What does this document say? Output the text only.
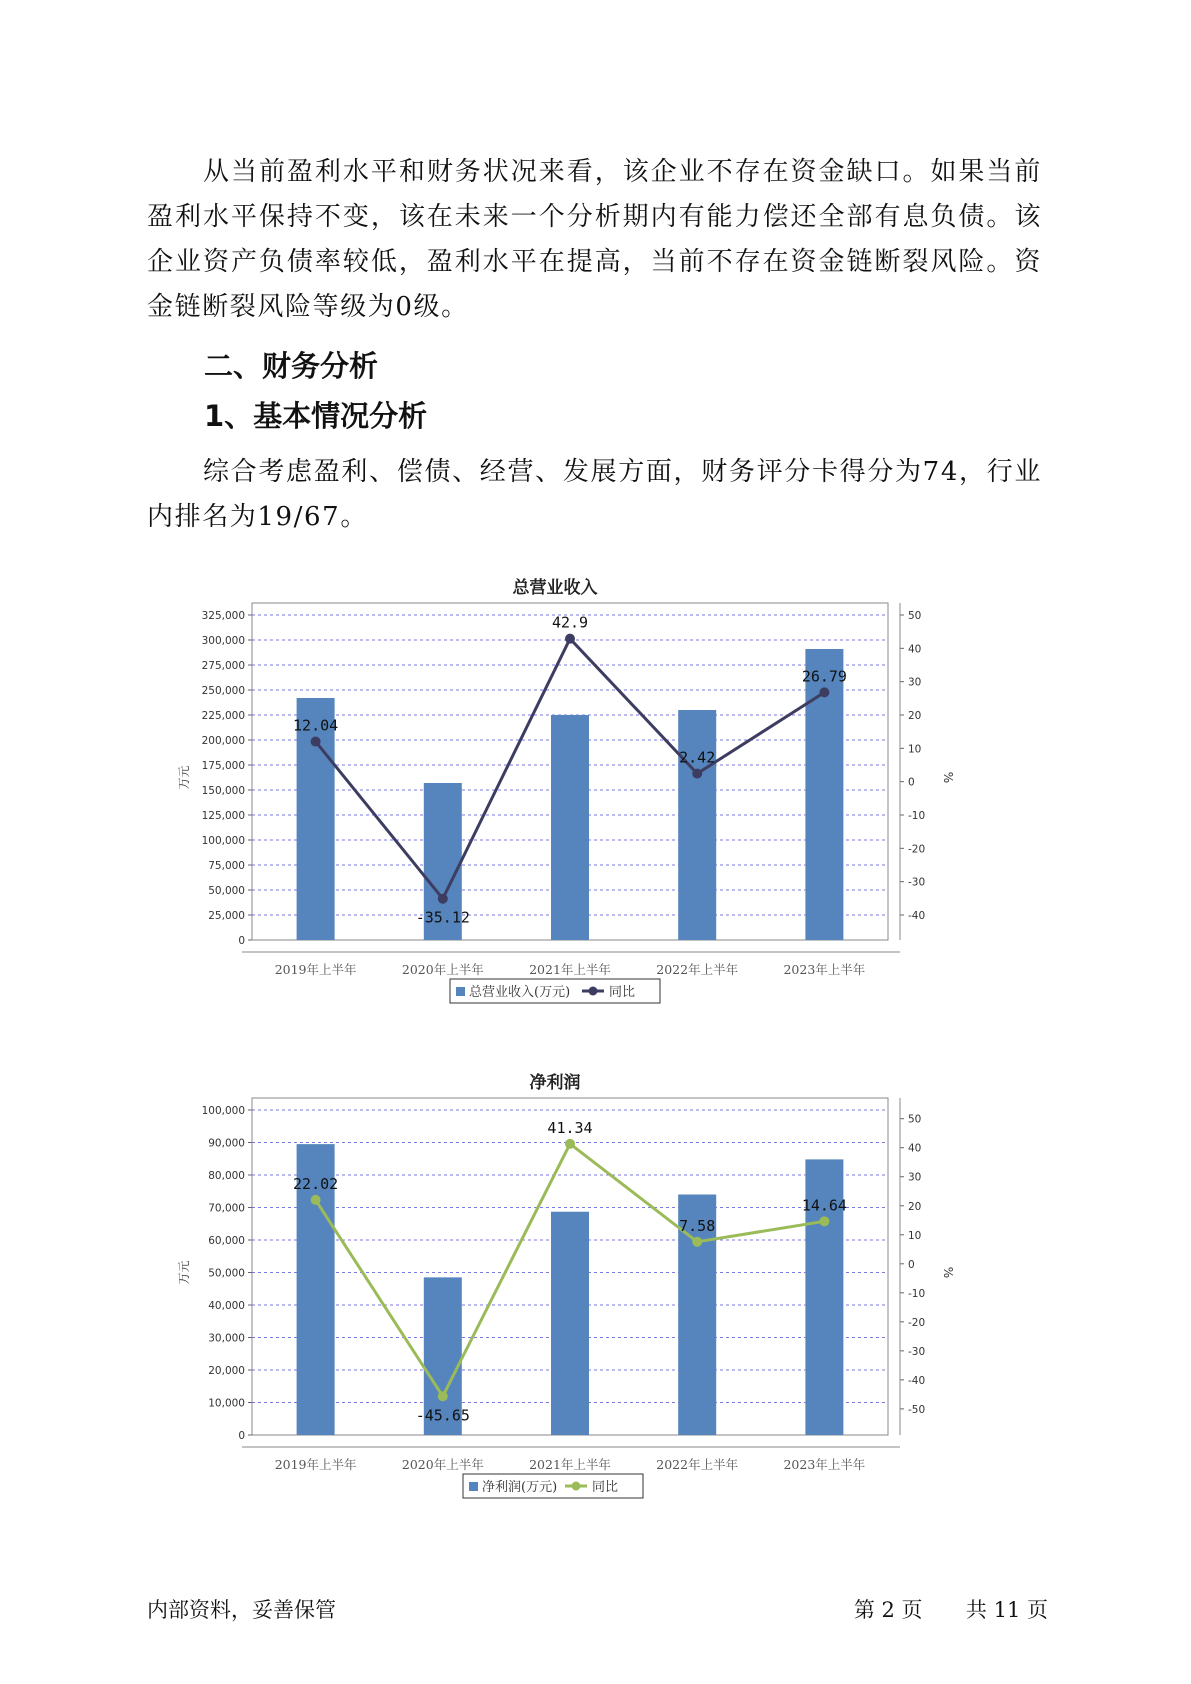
从当前盈利水平和财务状况来看，该企业不存在资金缺口。如果当前盈利水平保持不变，该在未来一个分析期内有能力偿还全部有息负债。该企业资产负债率较低，盈利水平在提高，当前不存在资金链断裂风险。资金链断裂风险等级为0级。

二、财务分析
1、基本情况分析

综合考虑盈利、偿债、经营、发展方面，财务评分卡得分为74，行业内排名为19/67。

总营业收入
0
25,000
50,000
75,000
100,000
125,000
150,000
175,000
200,000
225,000
250,000
275,000
300,000
325,000
万元
-40
-30
-20
-10
0
10
20
30
40
50
%
2019年上半年	2020年上半年	2021年上半年	2022年上半年	2023年上半年
12.04
-35.12
42.9
2.42
26.79
总营业收入(万元)	同比
净利润
0
10,000
20,000
30,000
40,000
50,000
60,000
70,000
80,000
90,000
100,000
万元
-50
-40
-30
-20
-10
0
10
20
30
40
50
%
2019年上半年	2020年上半年	2021年上半年	2022年上半年	2023年上半年
22.02
-45.65
41.34
7.58
14.64
净利润(万元)	同比
内部资料，妥善保管	第 2 页 共 11 页
